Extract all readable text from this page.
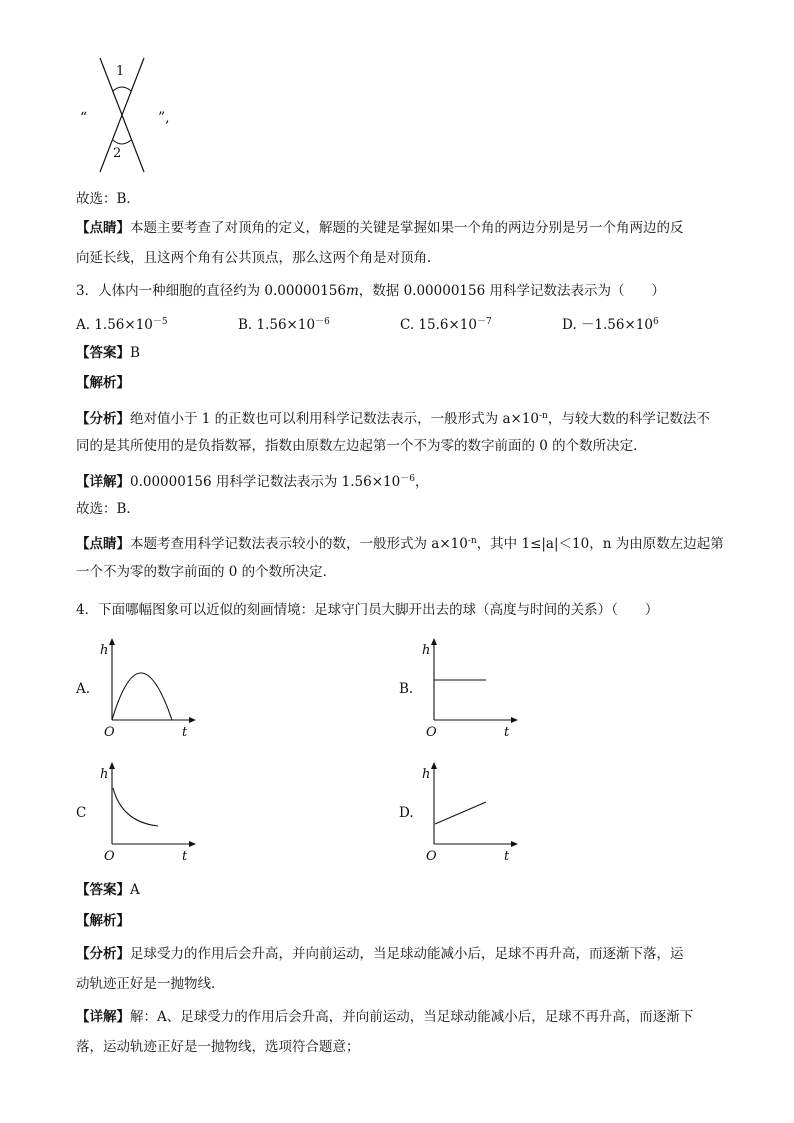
“
1
2
”,
故选：B．
【点睛】本题主要考查了对顶角的定义，解题的关键是掌握如果一个角的两边分别是另一个角两边的反
向延长线，且这两个角有公共顶点，那么这两个角是对顶角．
3．人体内一种细胞的直径约为 0.00000156m，数据 0.00000156 用科学记数法表示为（　　）
A. $1.56\times 10^{-5}$	B. $1.56\times 10^{-6}$	C. $15.6\times 10^{-7}$	D. $-1.56\times 10^6$
【答案】B
【解析】
【分析】绝对值小于 1 的正数也可以利用科学记数法表示，一般形式为 $a\times 10^{-n}$，与较大数的科学记数法不
同的是其所使用的是负指数幂，指数由原数左边起第一个不为零的数字前面的 0 的个数所决定．
【详解】0.00000156 用科学记数法表示为 $1.56\times 10^{-6}$，
故选：B．
【点睛】本题考查用科学记数法表示较小的数，一般形式为 $a\times 10^{-n}$，其中 1≤|a|＜10，n 为由原数左边起第
一个不为零的数字前面的 0 的个数所决定．
4．下面哪幅图象可以近似的刻画情境：足球守门员大脚开出去的球（高度与时间的关系）（　　）
A.
h
O	t
B.
h
O	t
C
h
O	t
D.
h
O	t
【答案】A
【解析】
【分析】足球受力的作用后会升高，并向前运动，当足球动能减小后，足球不再升高，而逐渐下落，运
动轨迹正好是一抛物线．
【详解】解：A、足球受力的作用后会升高，并向前运动，当足球动能减小后，足球不再升高，而逐渐下
落，运动轨迹正好是一抛物线，选项符合题意；
